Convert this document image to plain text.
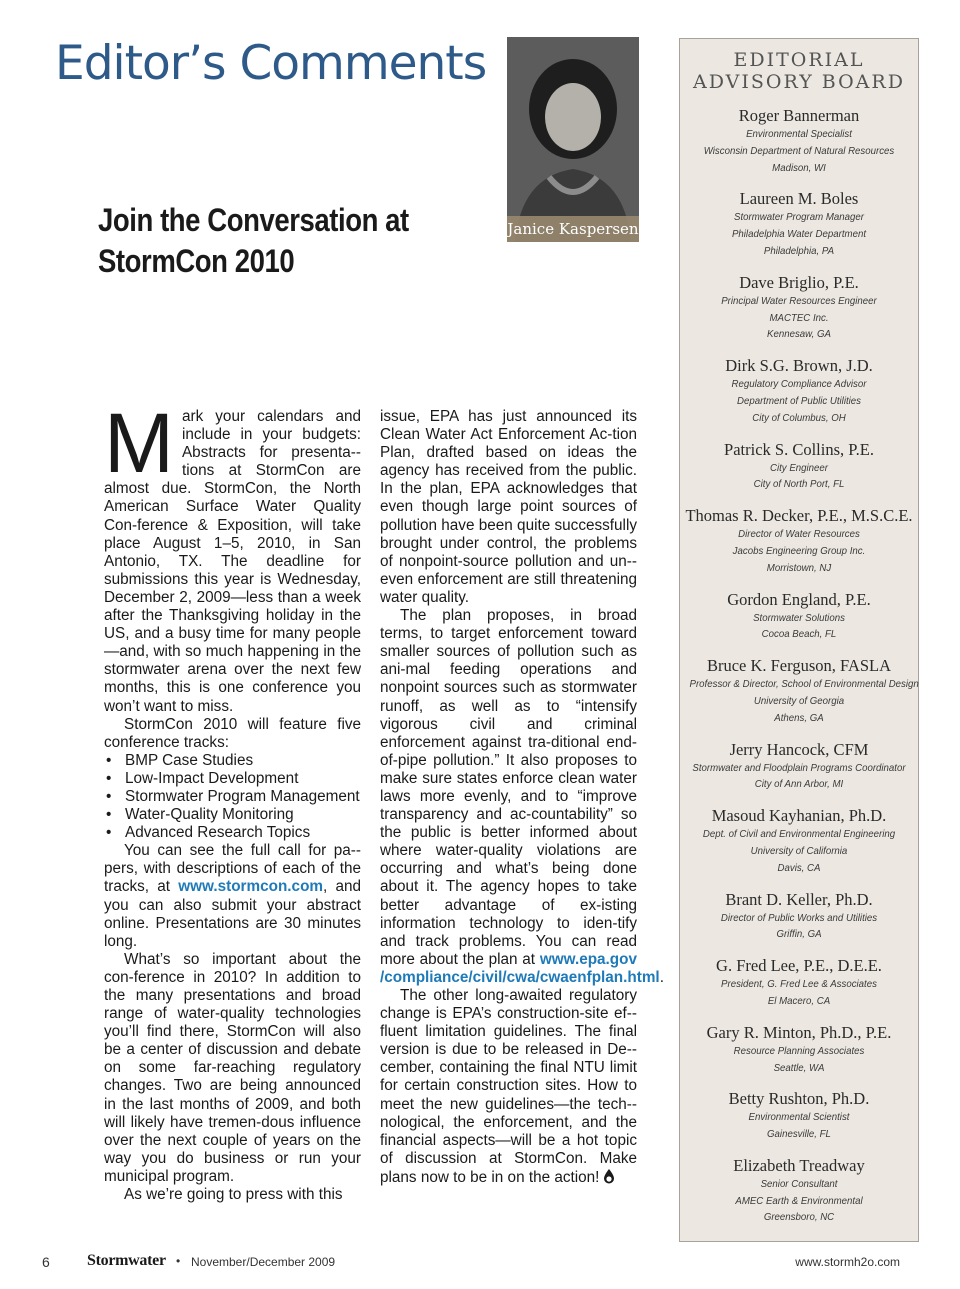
Editor’s Comments
Join the Conversation at
StormCon 2010
Janice Kaspersen

Mark your calendars and include in your budgets: Abstracts for presenta-tions at StormCon are almost due. StormCon, the North American Surface Water Quality Con-ference & Exposition, will take place August 1–5, 2010, in San Antonio, TX. The deadline for submissions this year is Wednesday, December 2, 2009—less than a week after the Thanksgiving holiday in the US, and a busy time for many people—and, with so much happening in the stormwater arena over the next few months, this is one conference you won’t want to miss.

StormCon 2010 will feature five conference tracks:

• BMP Case Studies
• Low-Impact Development
• Stormwater Program Management
• Water-Quality Monitoring
• Advanced Research Topics

You can see the full call for pa-pers, with descriptions of each of the tracks, at www.stormcon.com, and you can also submit your abstract online. Presentations are 30 minutes long.

What’s so important about the con-ference in 2010? In addition to the many presentations and broad range of water-quality technologies you’ll find there, StormCon will also be a center of discussion and debate on some far-reaching regulatory changes. Two are being announced in the last months of 2009, and both will likely have tremen-dous influence over the next couple of years on the way you do business or run your municipal program.

As we’re going to press with this

issue, EPA has just announced its Clean Water Act Enforcement Ac-tion Plan, drafted based on ideas the agency has received from the public. In the plan, EPA acknowledges that even though large point sources of pollution have been quite successfully brought under control, the problems of nonpoint-source pollution and un-even enforcement are still threatening water quality.

The plan proposes, in broad terms, to target enforcement toward smaller sources of pollution such as ani-mal feeding operations and nonpoint sources such as stormwater runoff, as well as to “intensify vigorous civil and criminal enforcement against tra-ditional end-of-pipe pollution.” It also proposes to make sure states enforce clean water laws more evenly, and to “improve transparency and ac-countability” so the public is better informed about where water-quality violations are occurring and what’s being done about it. The agency hopes to take better advantage of ex-isting information technology to iden-tify and track problems. You can read more about the plan at www.epa.gov /compliance/civil/cwa/cwaenfplan.html.

The other long-awaited regulatory change is EPA’s construction-site ef-fluent limitation guidelines. The final version is due to be released in De-cember, containing the final NTU limit for certain construction sites. How to meet the new guidelines—the tech-nological, the enforcement, and the financial aspects—will be a hot topic of discussion at StormCon. Make plans now to be in on the action!

EDITORIAL
ADVISORY BOARD
Roger Bannerman
Environmental Specialist
Wisconsin Department of Natural Resources
Madison, WI
Laureen M. Boles
Stormwater Program Manager
Philadelphia Water Department
Philadelphia, PA
Dave Briglio, P.E.
Principal Water Resources Engineer
MACTEC Inc.
Kennesaw, GA
Dirk S.G. Brown, J.D.
Regulatory Compliance Advisor
Department of Public Utilities
City of Columbus, OH
Patrick S. Collins, P.E.
City Engineer
City of North Port, FL
Thomas R. Decker, P.E., M.S.C.E.
Director of Water Resources
Jacobs Engineering Group Inc.
Morristown, NJ
Gordon England, P.E.
Stormwater Solutions
Cocoa Beach, FL
Bruce K. Ferguson, FASLA
Professor & Director, School of Environmental Design
University of Georgia
Athens, GA
Jerry Hancock, CFM
Stormwater and Floodplain Programs Coordinator
City of Ann Arbor, MI
Masoud Kayhanian, Ph.D.
Dept. of Civil and Environmental Engineering
University of California
Davis, CA
Brant D. Keller, Ph.D.
Director of Public Works and Utilities
Griffin, GA
G. Fred Lee, P.E., D.E.E.
President, G. Fred Lee & Associates
El Macero, CA
Gary R. Minton, Ph.D., P.E.
Resource Planning Associates
Seattle, WA
Betty Rushton, Ph.D.
Environmental Scientist
Gainesville, FL
Elizabeth Treadway
Senior Consultant
AMEC Earth & Environmental
Greensboro, NC
6 Stormwater • November/December 2009	www.stormh2o.com
